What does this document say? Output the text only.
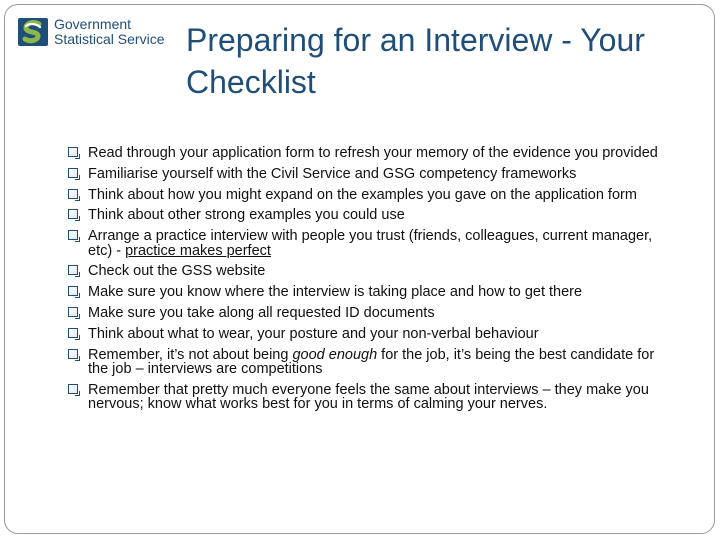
Government
Statistical Service Preparing for an Interview - Your Checklist
Read through your application form to refresh your memory of the evidence you provided
Familiarise yourself with the Civil Service and GSG competency frameworks
Think about how you might expand on the examples you gave on the application form
Think about other strong examples you could use
Arrange a practice interview with people you trust (friends, colleagues, current manager, etc) - practice makes perfect
Check out the GSS website
Make sure you know where the interview is taking place and how to get there
Make sure you take along all requested ID documents
Think about what to wear, your posture and your non-verbal behaviour
Remember, it’s not about being good enough for the job, it’s being the best candidate for the job – interviews are competitions
Remember that pretty much everyone feels the same about interviews – they make you nervous; know what works best for you in terms of calming your nerves.
